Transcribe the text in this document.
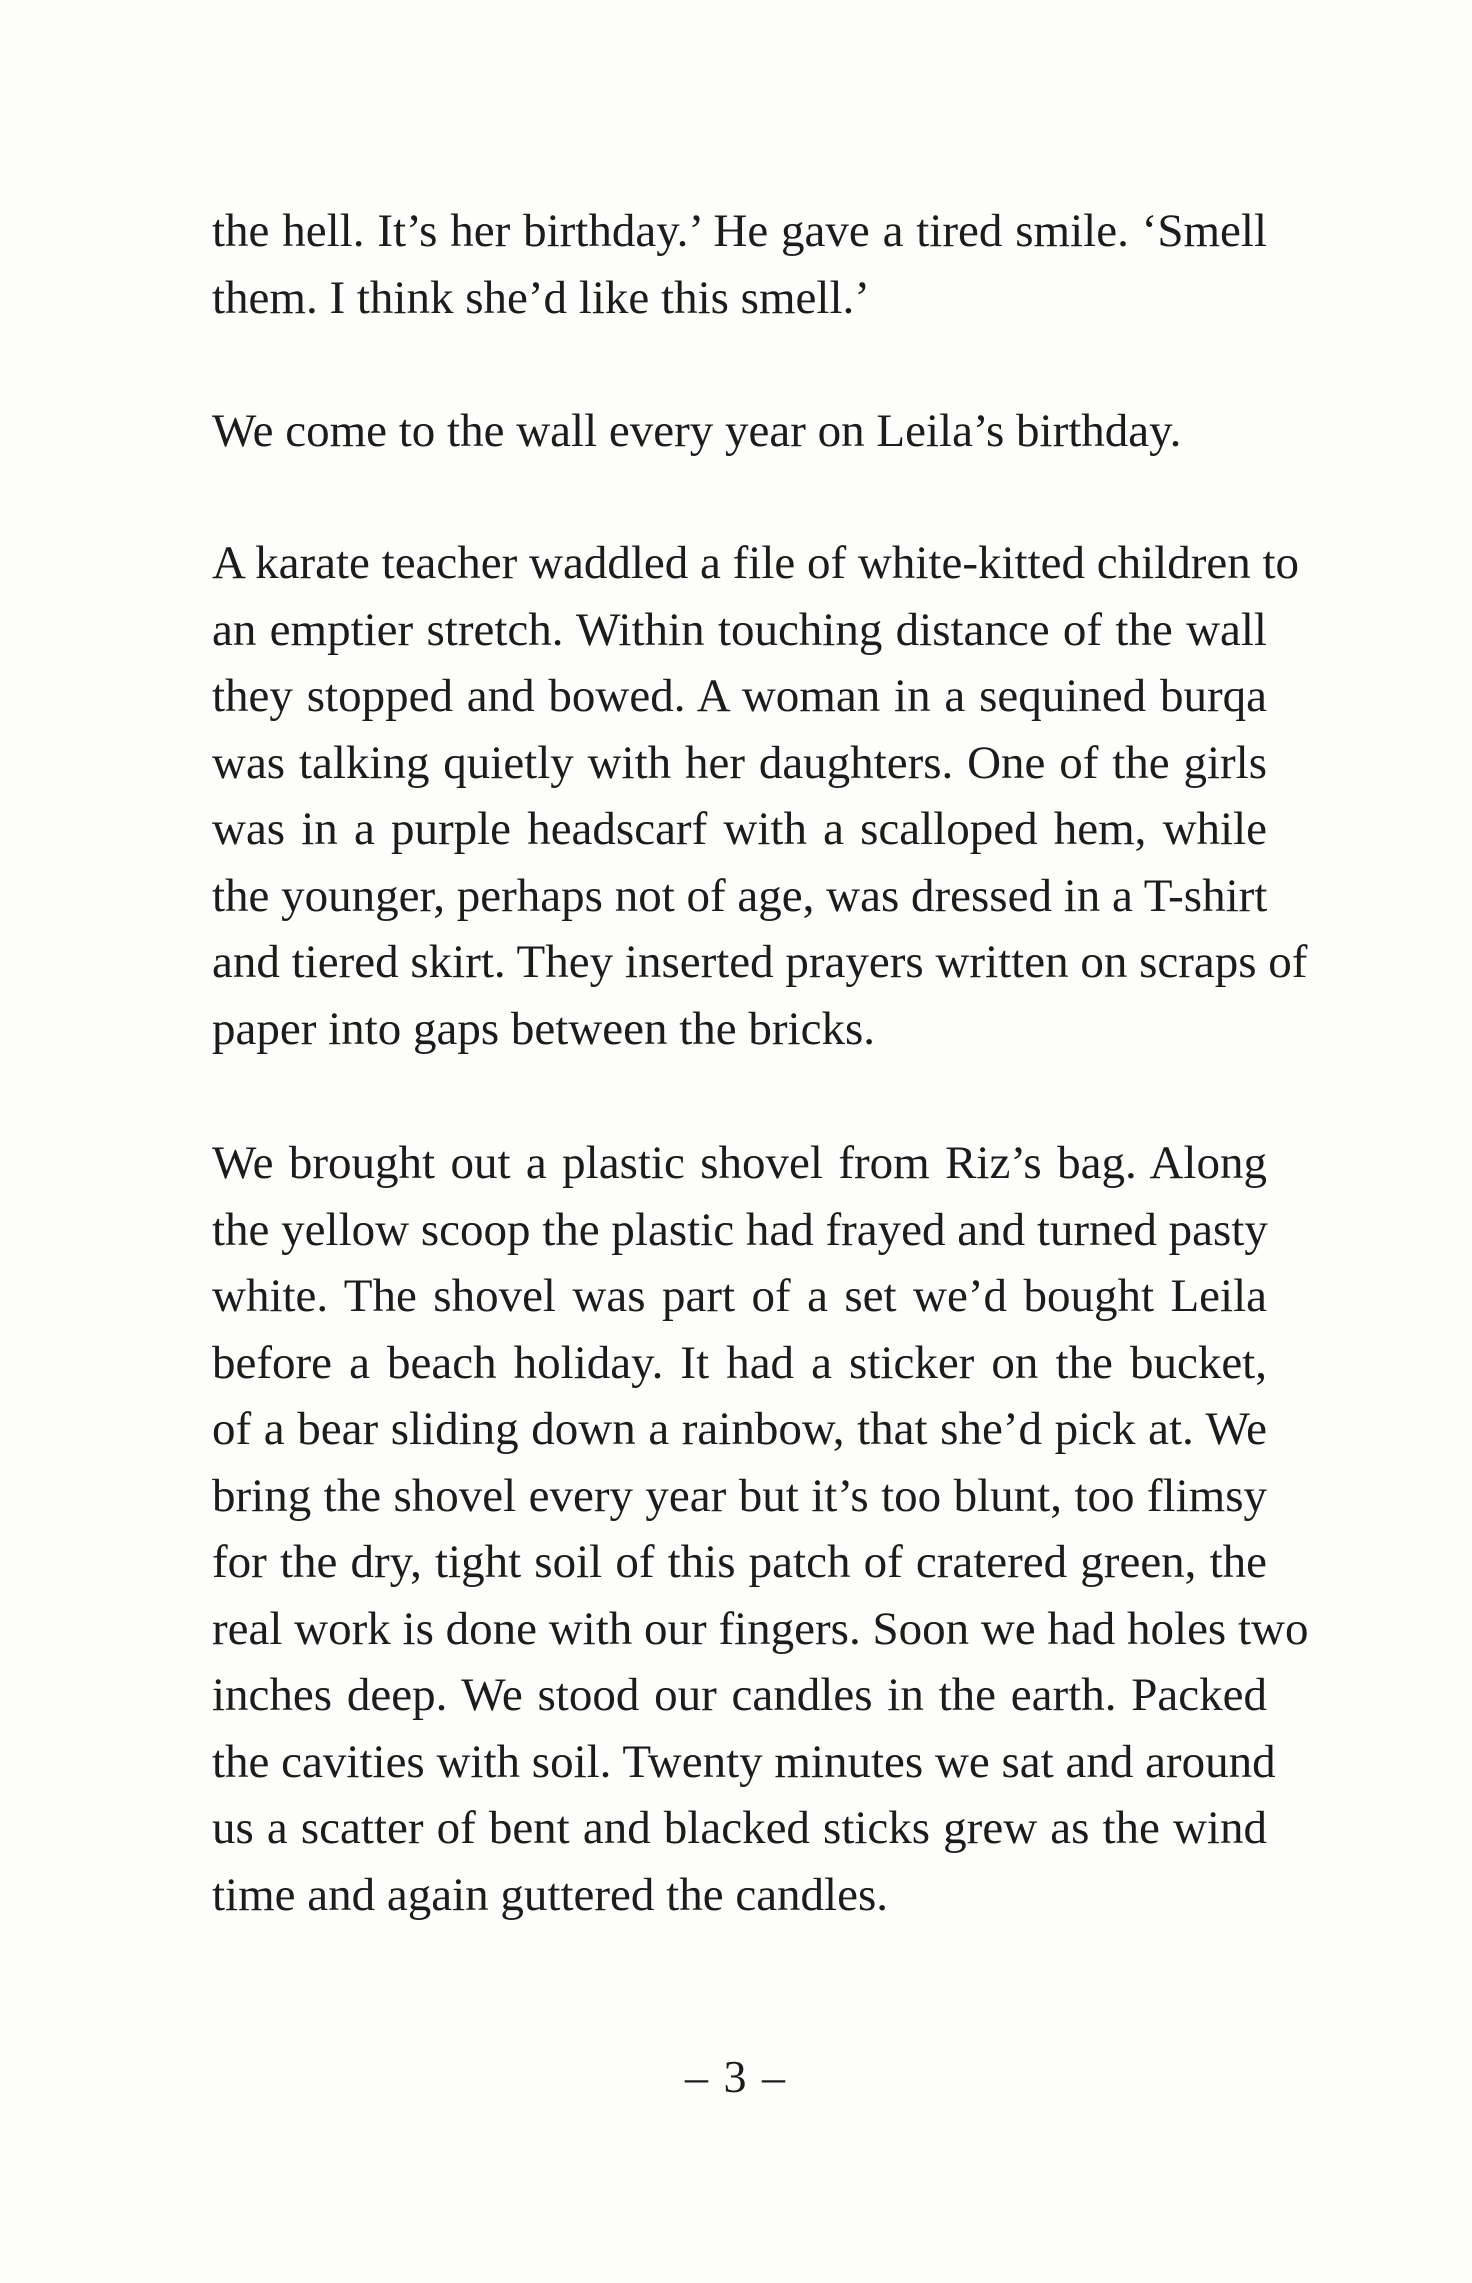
the hell. It’s her birthday.’ He gave a tired smile. ‘Smell
them. I think she’d like this smell.’
We come to the wall every year on Leila’s birthday.
A karate teacher waddled a file of white-kitted children to
an emptier stretch. Within touching distance of the wall
they stopped and bowed. A woman in a sequined burqa
was talking quietly with her daughters. One of the girls
was in a purple headscarf with a scalloped hem, while
the younger, perhaps not of age, was dressed in a T-shirt
and tiered skirt. They inserted prayers written on scraps of
paper into gaps between the bricks.
We brought out a plastic shovel from Riz’s bag. Along
the yellow scoop the plastic had frayed and turned pasty
white. The shovel was part of a set we’d bought Leila
before a beach holiday. It had a sticker on the bucket,
of a bear sliding down a rainbow, that she’d pick at. We
bring the shovel every year but it’s too blunt, too flimsy
for the dry, tight soil of this patch of cratered green, the
real work is done with our fingers. Soon we had holes two
inches deep. We stood our candles in the earth. Packed
the cavities with soil. Twenty minutes we sat and around
us a scatter of bent and blacked sticks grew as the wind
time and again guttered the candles.
– 3 –
